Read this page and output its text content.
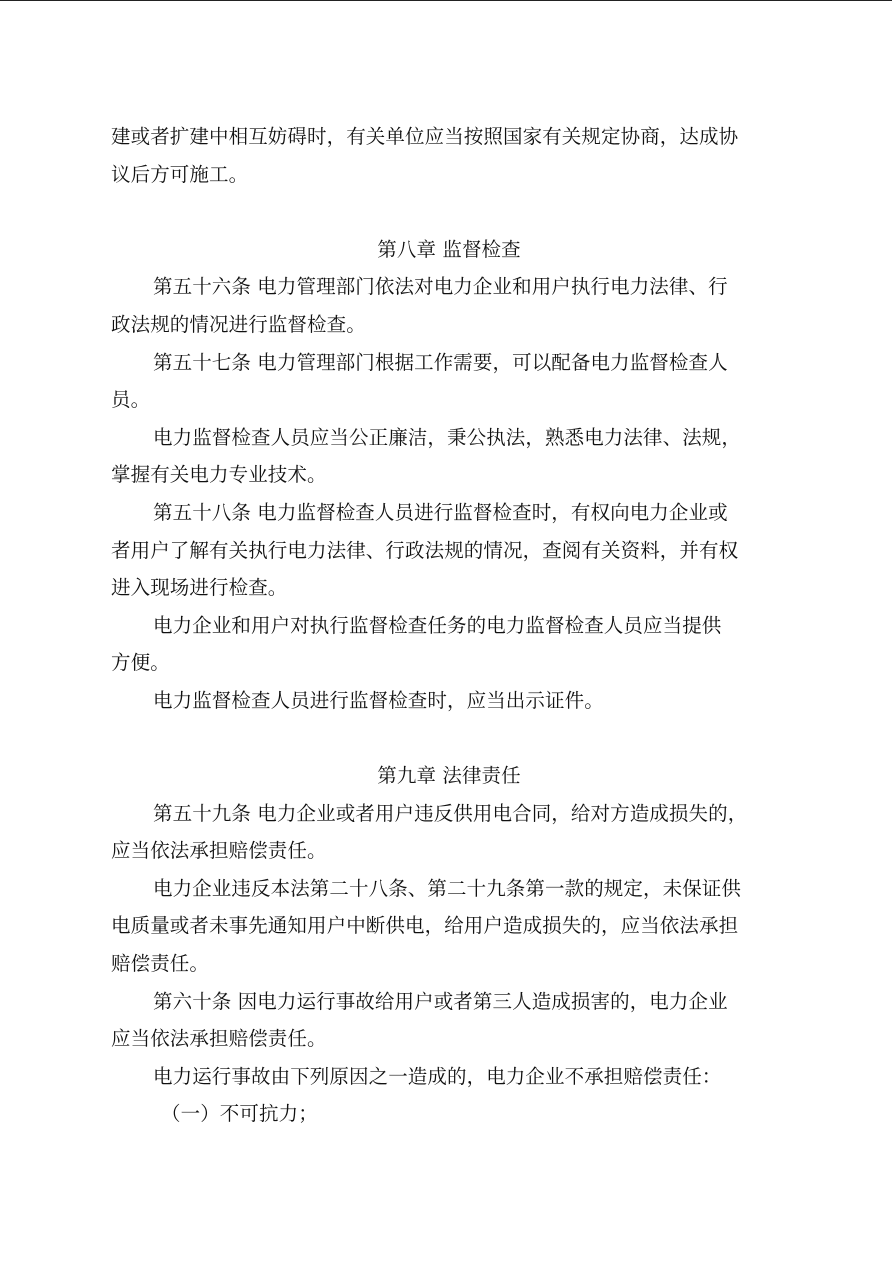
建或者扩建中相互妨碍时，有关单位应当按照国家有关规定协商，达成协
议后方可施工。
第八章 监督检查
第五十六条 电力管理部门依法对电力企业和用户执行电力法律、行
政法规的情况进行监督检查。
第五十七条 电力管理部门根据工作需要，可以配备电力监督检查人
员。
电力监督检查人员应当公正廉洁，秉公执法，熟悉电力法律、法规，
掌握有关电力专业技术。
第五十八条 电力监督检查人员进行监督检查时，有权向电力企业或
者用户了解有关执行电力法律、行政法规的情况，查阅有关资料，并有权
进入现场进行检查。
电力企业和用户对执行监督检查任务的电力监督检查人员应当提供
方便。
电力监督检查人员进行监督检查时，应当出示证件。
第九章 法律责任
第五十九条 电力企业或者用户违反供用电合同，给对方造成损失的，
应当依法承担赔偿责任。
电力企业违反本法第二十八条、第二十九条第一款的规定，未保证供
电质量或者未事先通知用户中断供电，给用户造成损失的，应当依法承担
赔偿责任。
第六十条 因电力运行事故给用户或者第三人造成损害的，电力企业
应当依法承担赔偿责任。
电力运行事故由下列原因之一造成的，电力企业不承担赔偿责任：
（一）不可抗力；
